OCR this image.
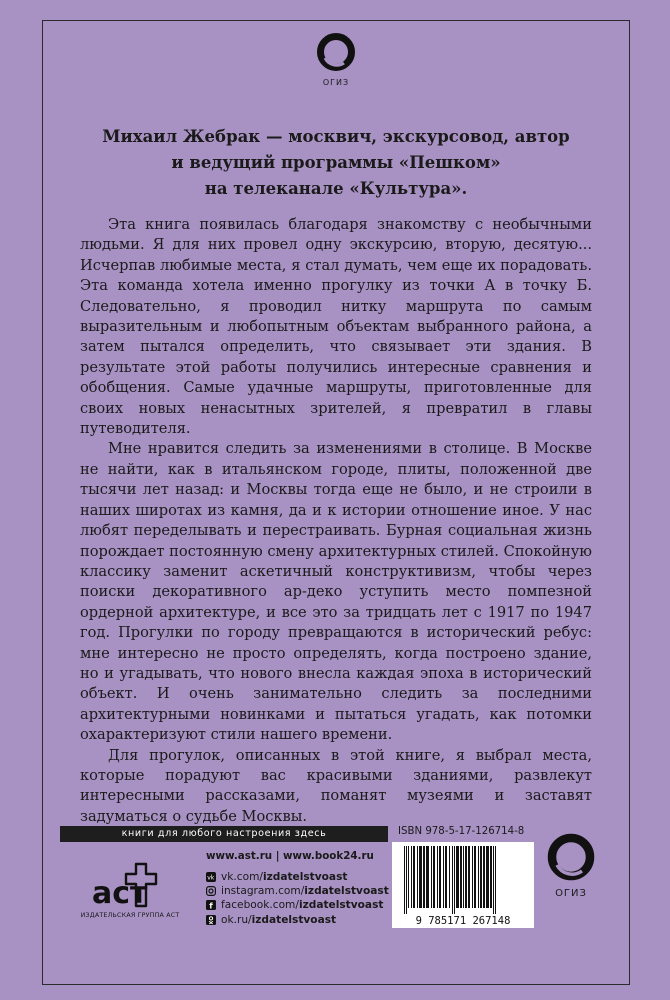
ОГИЗ
Михаил Жебрак — москвич, экскурсовод, автор
и ведущий программы «Пешком»
на телеканале «Культура».

Эта книга появилась благодаря знакомству с необычными людьми. Я для них провел одну экскурсию, вторую, десятую... Исчерпав любимые места, я стал думать, чем еще их порадовать. Эта команда хотела именно прогулку из точки А в точку Б. Следовательно, я проводил нитку маршрута по самым выразительным и любопытным объектам выбранного района, а затем пытался определить, что связывает эти здания. В результате этой работы получились интересные сравнения и обобщения. Самые удачные маршруты, приготовленные для своих новых ненасытных зрителей, я превратил в главы путеводителя.

Мне нравится следить за изменениями в столице. В Москве не найти, как в итальянском городе, плиты, положенной две тысячи лет назад: и Москвы тогда еще не было, и не строили в наших широтах из камня, да и к истории отношение иное. У нас любят переделывать и перестраивать. Бурная социальная жизнь порождает постоянную смену архитектурных стилей. Спокойную классику заменит аскетичный конструктивизм, чтобы через поиски декоративного ар-деко уступить место помпезной ордерной архитектуре, и все это за тридцать лет с 1917 по 1947 год. Прогулки по городу превращаются в исторический ребус: мне интересно не просто определять, когда построено здание, но и угадывать, что нового внесла каждая эпоха в исторический объект. И очень занимательно следить за последними архитектурными новинками и пытаться угадать, как потомки охарактеризуют стили нашего времени.

Для прогулок, описанных в этой книге, я выбрал места, которые порадуют вас красивыми зданиями, развлекут интересными рассказами, поманят музеями и заставят задуматься о судьбе Москвы.

книги для любого настроения здесь
аст
ИЗДАТЕЛЬСКАЯ ГРУППА АСТ
www.ast.ru | www.book24.ru
vk vk.com/ izdatelstvoast
instagram.com/ izdatelstvoast
f facebook.com/ izdatelstvoast
ok.ru/ izdatelstvoast
ISBN 978-5-17-126714-8
9 785171 267148
ОГИЗ
